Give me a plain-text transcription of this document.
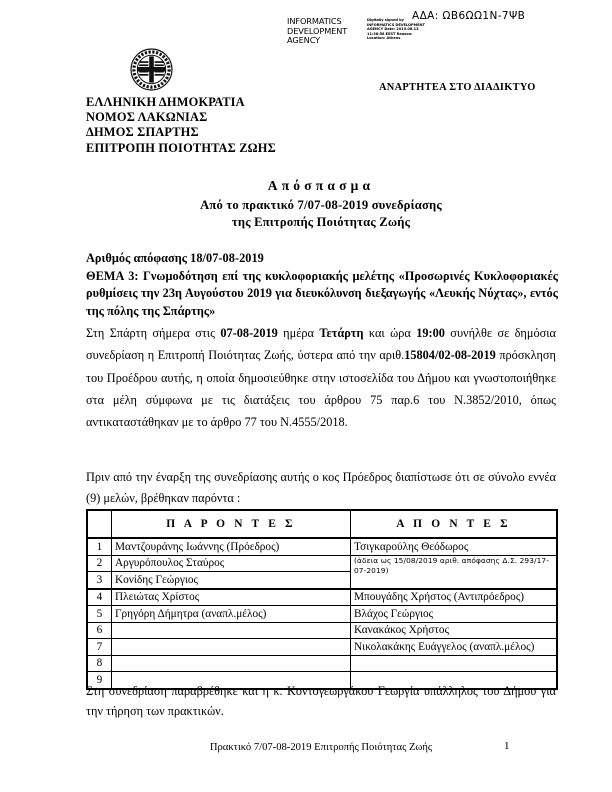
ΑΔΑ: ΩΒ6ΩΩ1Ν-7ΨΒ
INFORMATICS DEVELOPMENT AGENCY
Digitally signed by INFORMATICS DEVELOPMENT AGENCY Date: 2019.08.13 11:38:58 EEST Reason: Location: Athens
ΑΝΑΡΤΗΤΕΑ ΣΤΟ ΔΙΑΔΙΚΤΥΟ
ΕΛΛΗΝΙΚΗ ΔΗΜΟΚΡΑΤΙΑ
ΝΟΜΟΣ ΛΑΚΩΝΙΑΣ
ΔΗΜΟΣ ΣΠΑΡΤΗΣ
ΕΠΙΤΡΟΠΗ ΠΟΙΟΤΗΤΑΣ ΖΩΗΣ
Απόσπασμα
Από το πρακτικό 7/07-08-2019 συνεδρίασης
της Επιτροπής Ποιότητας Ζωής
Αριθμός απόφασης 18/07-08-2019
ΘΕΜΑ 3: Γνωμοδότηση επί της κυκλοφοριακής μελέτης «Προσωρινές Κυκλοφοριακές ρυθμίσεις την 23η Αυγούστου 2019 για διευκόλυνση διεξαγωγής «Λευκής Νύχτας», εντός της πόλης της Σπάρτης»
Στη Σπάρτη σήμερα στις 07-08-2019 ημέρα Τετάρτη και ώρα 19:00 συνήλθε σε δημόσια συνεδρίαση η Επιτροπή Ποιότητας Ζωής, ύστερα από την αριθ.15804/02-08-2019 πρόσκληση του Προέδρου αυτής, η οποία δημοσιεύθηκε στην ιστοσελίδα του Δήμου και γνωστοποιήθηκε στα μέλη σύμφωνα με τις διατάξεις του άρθρου 75 παρ.6 του Ν.3852/2010, όπως αντικαταστάθηκαν με το άρθρο 77 του Ν.4555/2018.
Πριν από την έναρξη της συνεδρίασης αυτής ο κος Πρόεδρος διαπίστωσε ότι σε σύνολο εννέα (9) μελών, βρέθηκαν παρόντα :
	Π Α Ρ Ο Ν Τ Ε Σ	Α Π Ο Ν Τ Ε Σ
1	Μαντζουράνης Ιωάννης (Πρόεδρος)	Τσιγκαρούλης Θεόδωρος
2	Αργυρόπουλος Σταύρος	(άδεια ως 15/08/2019 αριθ. απόφασης Δ.Σ. 293/17-07-2019)

3	Κονίδης Γεώργιος	
4	Πλειώτας Χρίστος	Μπουγάδης Χρήστος (Αντιπρόεδρος)
5	Γρηγόρη Δήμητρα (αναπλ.μέλος)	Βλάχος Γεώργιος
6		Κανακάκος Χρήστος
7		Νικολακάκης Ευάγγελος (αναπλ.μέλος)
8		
9		
Στη συνεδρίαση παραβρέθηκε και η κ. Κοντογεωργάκου Γεωργία υπάλληλος του Δήμου για την τήρηση των πρακτικών.
Πρακτικό 7/07-08-2019 Επιτροπής Ποιότητας Ζωής	1
